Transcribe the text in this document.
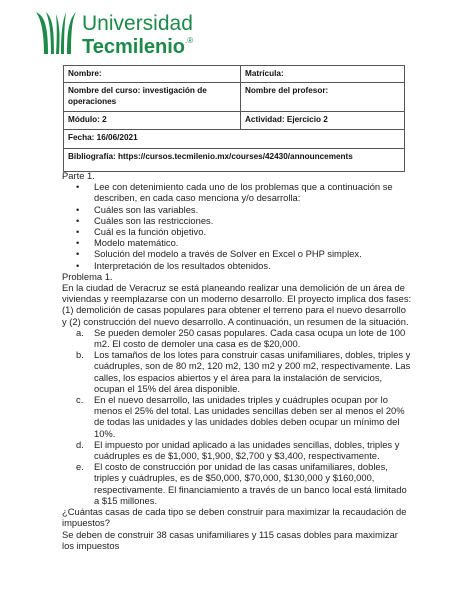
Universidad
Tecmilenio.®
Nombre:	Matrícula:
Nombre del curso: investigación de operaciones	Nombre del profesor:
Módulo: 2	Actividad: Ejercicio 2
Fecha: 16/06/2021	
Bibliografía: https://cursos.tecmilenio.mx/courses/42430/announcements	

Parte 1.

• Lee con detenimiento cada uno de los problemas que a continuación se describen, en cada caso menciona y/o desarrolla:
• Cuáles son las variables.
• Cuáles son las restricciones.
• Cuál es la función objetivo.
• Modelo matemático.
• Solución del modelo a través de Solver en Excel o PHP simplex.
• Interpretación de los resultados obtenidos.

Problema 1.

En la ciudad de Veracruz se está planeando realizar una demolición de un área de viviendas y reemplazarse con un moderno desarrollo. El proyecto implica dos fases: (1) demolición de casas populares para obtener el terreno para el nuevo desarrollo y (2) construcción del nuevo desarrollo. A continuación, un resumen de la situación.

a. Se pueden demoler 250 casas populares. Cada casa ocupa un lote de 100 m2. El costo de demoler una casa es de $20,000.
b. Los tamaños de los lotes para construir casas unifamiliares, dobles, triples y cuádruples, son de 80 m2, 120 m2, 130 m2 y 200 m2, respectivamente. Las calles, los espacios abiertos y el área para la instalación de servicios, ocupan el 15% del área disponible.
c. En el nuevo desarrollo, las unidades triples y cuádruples ocupan por lo menos el 25% del total. Las unidades sencillas deben ser al menos el 20% de todas las unidades y las unidades dobles deben ocupar un mínimo del 10%.
d. El impuesto por unidad aplicado a las unidades sencillas, dobles, triples y cuádruples es de $1,000, $1,900, $2,700 y $3,400, respectivamente.
e. El costo de construcción por unidad de las casas unifamiliares, dobles, triples y cuádruples, es de $50,000, $70,000, $130,000 y $160,000, respectivamente. El financiamiento a través de un banco local está limitado a $15 millones.

¿Cuántas casas de cada tipo se deben construir para maximizar la recaudación de impuestos?

Se deben de construir 38 casas unifamiliares y 115 casas dobles para maximizar los impuestos
